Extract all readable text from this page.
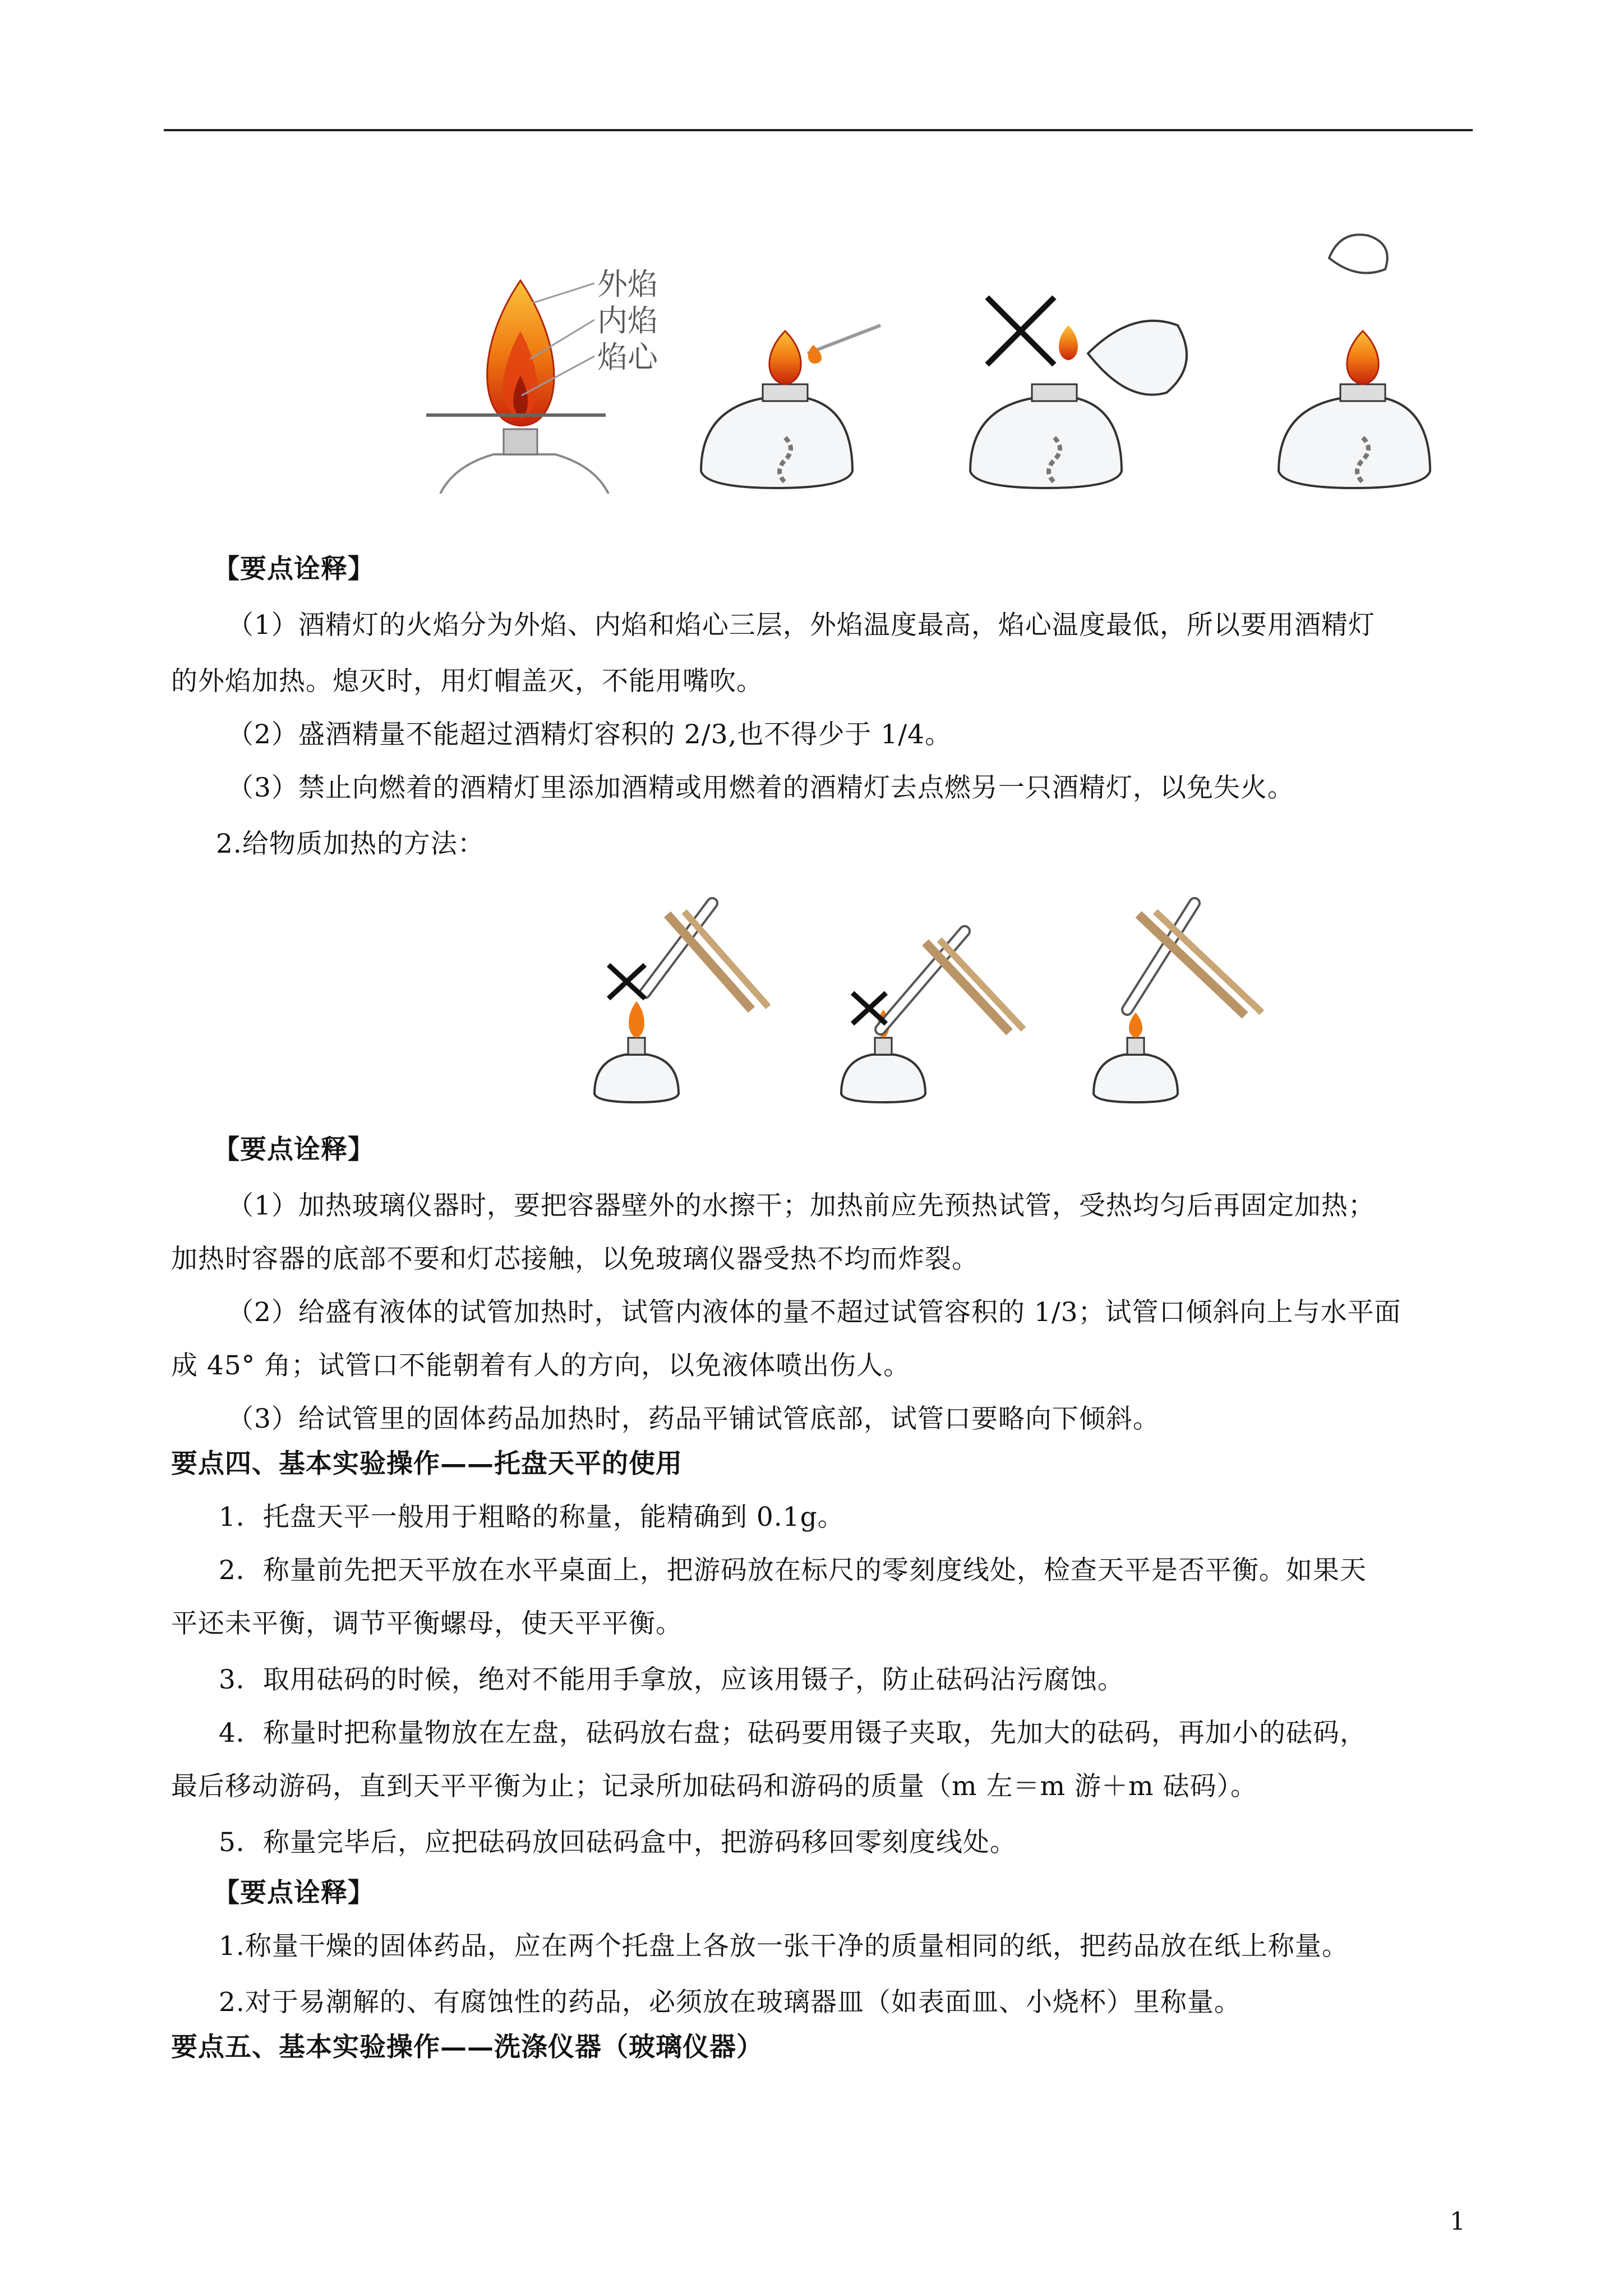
外焰
内焰
焰心
【要点诠释】
（1）酒精灯的火焰分为外焰、内焰和焰心三层，外焰温度最高，焰心温度最低，所以要用酒精灯
的外焰加热。熄灭时，用灯帽盖灭，不能用嘴吹。
（2）盛酒精量不能超过酒精灯容积的 2/3,也不得少于 1/4。
（3）禁止向燃着的酒精灯里添加酒精或用燃着的酒精灯去点燃另一只酒精灯，以免失火。
2.给物质加热的方法：
【要点诠释】
（1）加热玻璃仪器时，要把容器壁外的水擦干；加热前应先预热试管，受热均匀后再固定加热；
加热时容器的底部不要和灯芯接触，以免玻璃仪器受热不均而炸裂。
（2）给盛有液体的试管加热时，试管内液体的量不超过试管容积的 1/3；试管口倾斜向上与水平面
成 45° 角；试管口不能朝着有人的方向，以免液体喷出伤人。
（3）给试管里的固体药品加热时，药品平铺试管底部，试管口要略向下倾斜。
要点四、基本实验操作——托盘天平的使用
1．托盘天平一般用于粗略的称量，能精确到 0.1g。
2．称量前先把天平放在水平桌面上，把游码放在标尺的零刻度线处，检查天平是否平衡。如果天
平还未平衡，调节平衡螺母，使天平平衡。
3．取用砝码的时候，绝对不能用手拿放，应该用镊子，防止砝码沾污腐蚀。
4．称量时把称量物放在左盘，砝码放右盘；砝码要用镊子夹取，先加大的砝码，再加小的砝码，
最后移动游码，直到天平平衡为止；记录所加砝码和游码的质量（m 左＝m 游＋m 砝码）。
5．称量完毕后，应把砝码放回砝码盒中，把游码移回零刻度线处。
【要点诠释】
1.称量干燥的固体药品，应在两个托盘上各放一张干净的质量相同的纸，把药品放在纸上称量。
2.对于易潮解的、有腐蚀性的药品，必须放在玻璃器皿（如表面皿、小烧杯）里称量。
要点五、基本实验操作——洗涤仪器（玻璃仪器）
1
